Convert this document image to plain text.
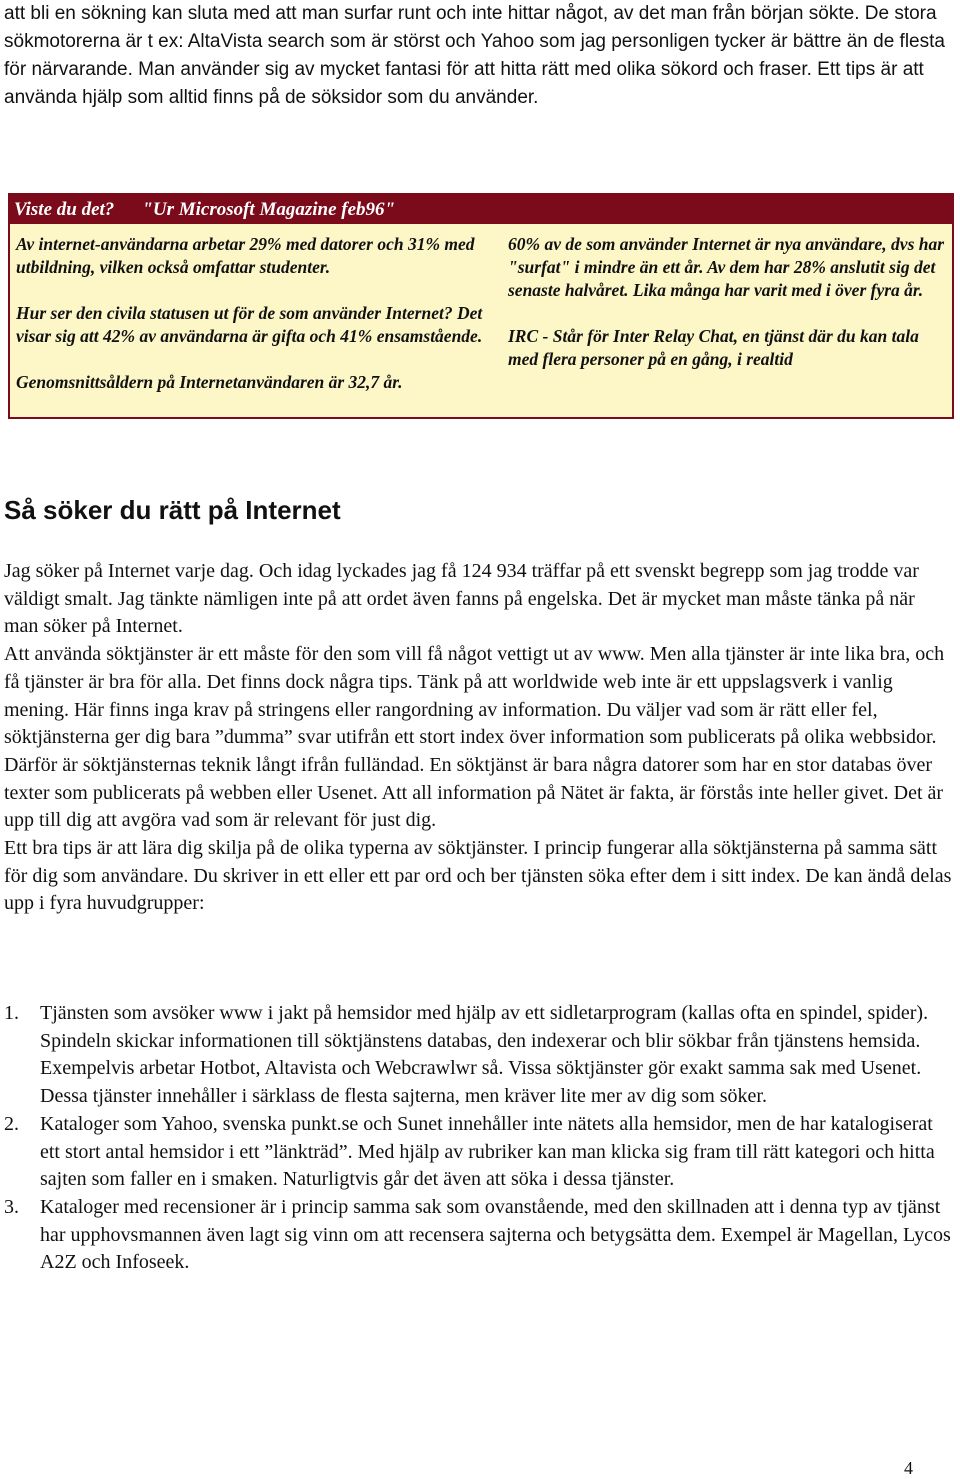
att bli en sökning kan sluta med att man surfar runt och inte hittar något, av det man från början sökte. De stora sökmotorerna är t ex: AltaVista search som är störst och Yahoo som jag personligen tycker är bättre än de flesta för närvarande. Man använder sig av mycket fantasi för att hitta rätt med olika sökord och fraser. Ett tips är att använda hjälp som alltid finns på de söksidor som du använder.

Viste du det? "Ur Microsoft Magazine feb96"

Av internet-användarna arbetar 29% med datorer och 31% med utbildning, vilken också omfattar studenter.

Hur ser den civila statusen ut för de som använder Internet? Det visar sig att 42% av användarna är gifta och 41% ensamstående.

Genomsnittsåldern på Internetanvändaren är 32,7 år.

60% av de som använder Internet är nya användare, dvs har "surfat" i mindre än ett år. Av dem har 28% anslutit sig det senaste halvåret. Lika många har varit med i över fyra år.

IRC - Står för Inter Relay Chat, en tjänst där du kan tala med flera personer på en gång, i realtid

Så söker du rätt på Internet

Jag söker på Internet varje dag. Och idag lyckades jag få 124 934 träffar på ett svenskt begrepp som jag trodde var väldigt smalt. Jag tänkte nämligen inte på att ordet även fanns på engelska. Det är mycket man måste tänka på när man söker på Internet.

Att använda söktjänster är ett måste för den som vill få något vettigt ut av www. Men alla tjänster är inte lika bra, och få tjänster är bra för alla. Det finns dock några tips. Tänk på att worldwide web inte är ett uppslagsverk i vanlig mening. Här finns inga krav på stringens eller rangordning av information. Du väljer vad som är rätt eller fel, söktjänsterna ger dig bara ”dumma” svar utifrån ett stort index över information som publicerats på olika webbsidor. Därför är söktjänsternas teknik långt ifrån fulländad. En söktjänst är bara några datorer som har en stor databas över texter som publicerats på webben eller Usenet. Att all information på Nätet är fakta, är förstås inte heller givet. Det är upp till dig att avgöra vad som är relevant för just dig.

Ett bra tips är att lära dig skilja på de olika typerna av söktjänster. I princip fungerar alla söktjänsterna på samma sätt för dig som användare. Du skriver in ett eller ett par ord och ber tjänsten söka efter dem i sitt index. De kan ändå delas upp i fyra huvudgrupper:

1. Tjänsten som avsöker www i jakt på hemsidor med hjälp av ett sidletarprogram (kallas ofta en spindel, spider). Spindeln skickar informationen till söktjänstens databas, den indexerar och blir sökbar från tjänstens hemsida. Exempelvis arbetar Hotbot, Altavista och Webcrawlwr så. Vissa söktjänster gör exakt samma sak med Usenet. Dessa tjänster innehåller i särklass de flesta sajterna, men kräver lite mer av dig som söker.
2. Kataloger som Yahoo, svenska punkt.se och Sunet innehåller inte nätets alla hemsidor, men de har katalogiserat ett stort antal hemsidor i ett ”länkträd”. Med hjälp av rubriker kan man klicka sig fram till rätt kategori och hitta sajten som faller en i smaken. Naturligtvis går det även att söka i dessa tjänster.
3. Kataloger med recensioner är i princip samma sak som ovanstående, med den skillnaden att i denna typ av tjänst har upphovsmannen även lagt sig vinn om att recensera sajterna och betygsätta dem. Exempel är Magellan, Lycos A2Z och Infoseek.
4
